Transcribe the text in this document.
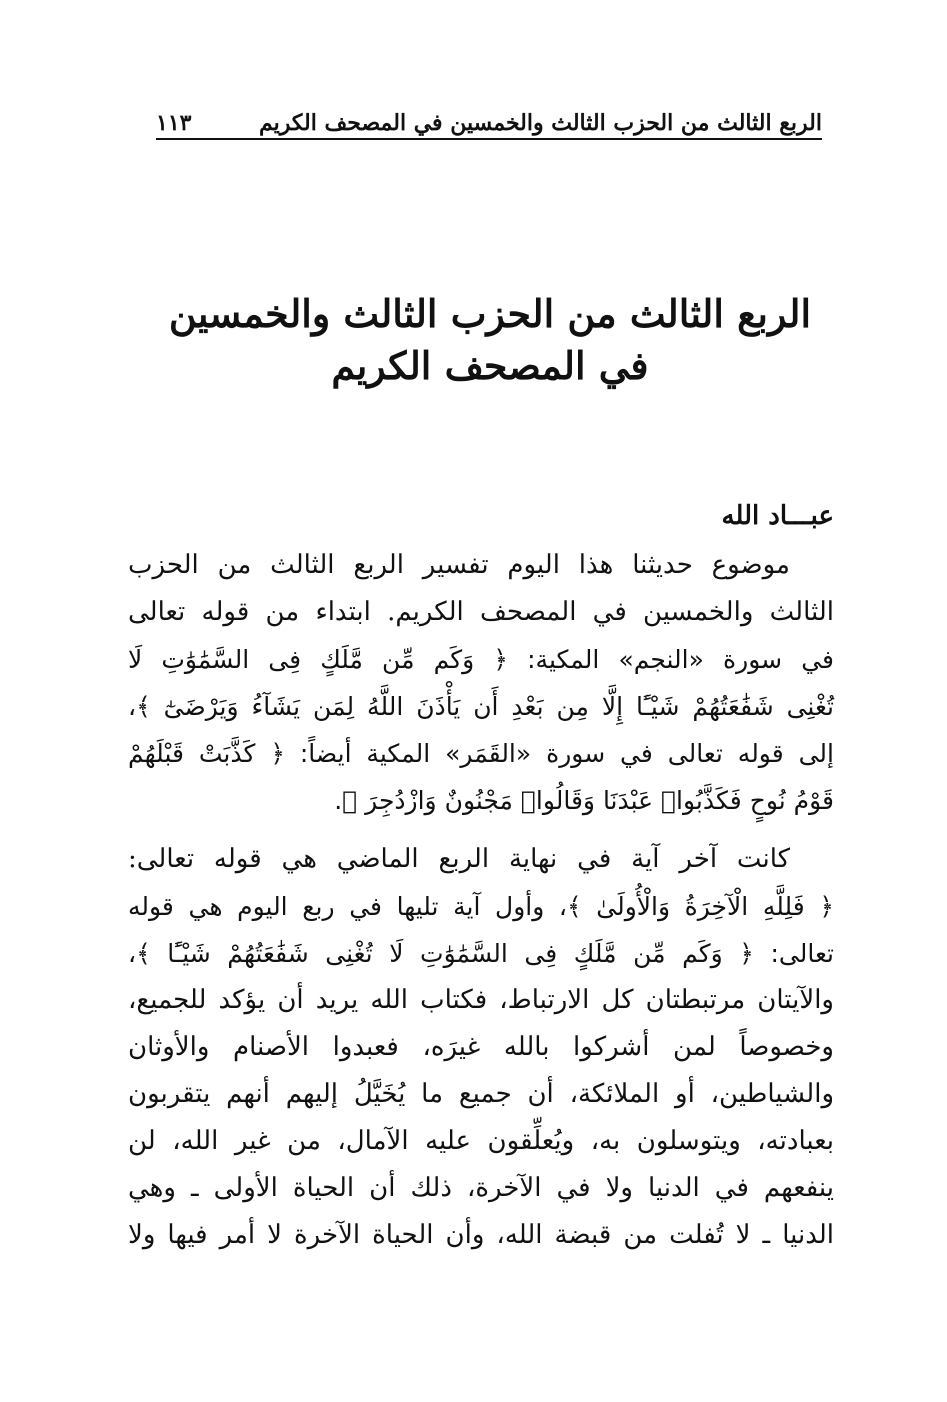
الربع الثالث من الحزب الثالث والخمسين في المصحف الكريم
١١٣
الربع الثالث من الحزب الثالث والخمسين
في المصحف الكريم
عبـــاد الله
موضوع حديثنا هذا اليوم تفسير الربع الثالث من الحزب
الثالث والخمسين في المصحف الكريم. ابتداء من قوله تعالى
في سورة «النجم» المكية: ﴿ وَكَم مِّن مَّلَكٍ فِى السَّمَٰوَٰتِ لَا
تُغْنِى شَفَٰعَتُهُمْ شَيْـًٔا إِلَّا مِن بَعْدِ أَن يَأْذَنَ اللَّهُ لِمَن يَشَآءُ وَيَرْضَىٰٓ ﴾،
إلى قوله تعالى في سورة «القَمَر» المكية أيضاً: ﴿ كَذَّبَتْ قَبْلَهُمْ
قَوْمُ نُوحٍ فَكَذَّبُوا۟ عَبْدَنَا وَقَالُوا۟ مَجْنُونٌ وَازْدُجِرَ ﴾.
كانت آخر آية في نهاية الربع الماضي هي قوله تعالى:
﴿ فَلِلَّهِ الْآخِرَةُ وَالْأُولَىٰ ﴾، وأول آية تليها في ربع اليوم هي قوله
تعالى: ﴿ وَكَم مِّن مَّلَكٍ فِى السَّمَٰوَٰتِ لَا تُغْنِى شَفَٰعَتُهُمْ شَيْـًٔا ﴾،
والآيتان مرتبطتان كل الارتباط، فكتاب الله يريد أن يؤكد للجميع،
وخصوصاً لمن أشركوا بالله غيرَه، فعبدوا الأصنام والأوثان
والشياطين، أو الملائكة، أن جميع ما يُخَيَّلُ إليهم أنهم يتقربون
بعبادته، ويتوسلون به، ويُعلِّقون عليه الآمال، من غير الله، لن
ينفعهم في الدنيا ولا في الآخرة، ذلك أن الحياة الأولى ـ وهي
الدنيا ـ لا تُفلت من قبضة الله، وأن الحياة الآخرة لا أمر فيها ولا
